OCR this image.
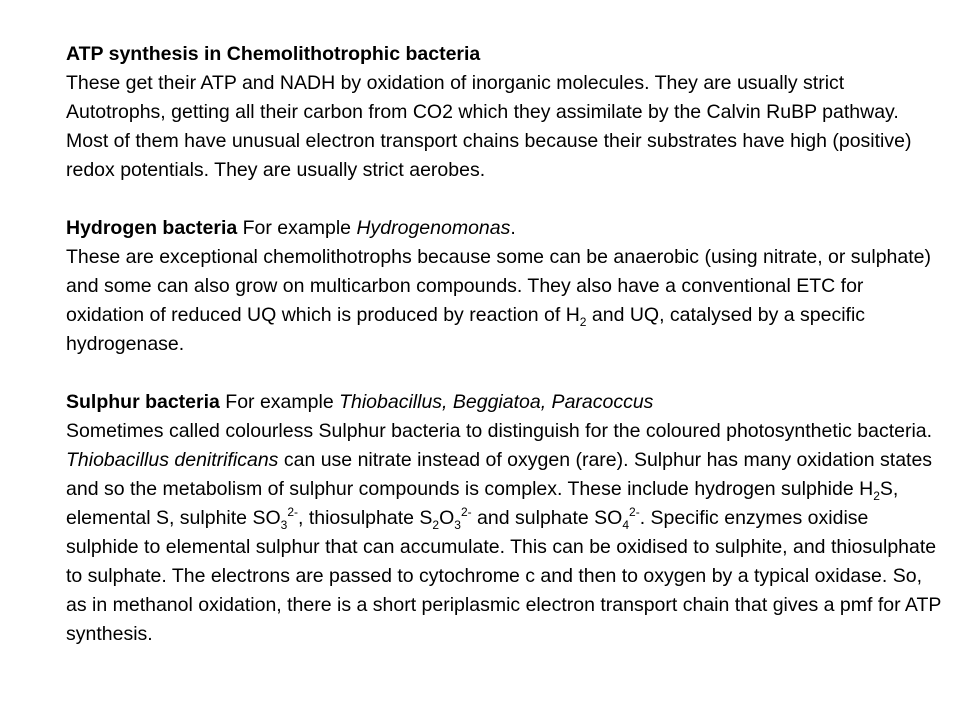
ATP synthesis in Chemolithotrophic bacteria
These get their ATP and NADH by oxidation of inorganic molecules. They are usually strict Autotrophs, getting all their carbon from CO2 which they assimilate by the Calvin RuBP pathway. Most of them have unusual electron transport chains because their substrates have high (positive) redox potentials. They are usually strict aerobes.

Hydrogen bacteria For example Hydrogenomonas.
These are exceptional chemolithotrophs because some can be anaerobic (using nitrate, or sulphate) and some can also grow on multicarbon compounds. They also have a conventional ETC for oxidation of reduced UQ which is produced by reaction of $H_2$ and UQ, catalysed by a specific hydrogenase.

Sulphur bacteria For example Thiobacillus, Beggiatoa, Paracoccus
Sometimes called colourless Sulphur bacteria to distinguish for the coloured photosynthetic bacteria. Thiobacillus denitrificans can use nitrate instead of oxygen (rare). Sulphur has many oxidation states and so the metabolism of sulphur compounds is complex. These include hydrogen sulphide $H_2S$, elemental S, sulphite $SO_3^{2-}$, thiosulphate $S_2O_3^{2-}$ and sulphate $SO_4^{2-}$. Specific enzymes oxidise sulphide to elemental sulphur that can accumulate. This can be oxidised to sulphite, and thiosulphate to sulphate. The electrons are passed to cytochrome c and then to oxygen by a typical oxidase. So, as in methanol oxidation, there is a short periplasmic electron transport chain that gives a pmf for ATP synthesis.
